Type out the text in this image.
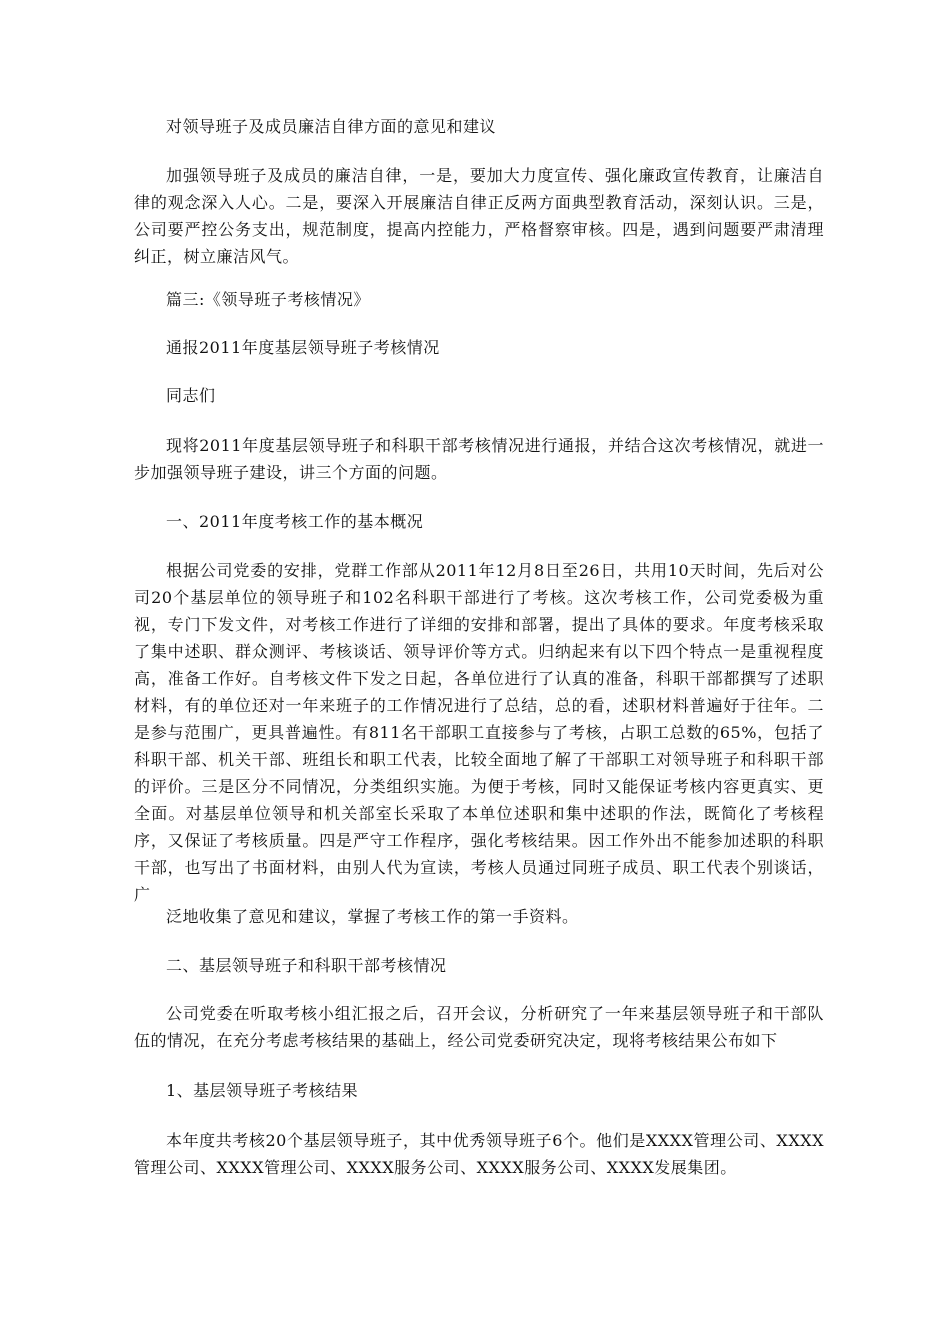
对领导班子及成员廉洁自律方面的意见和建议

加强领导班子及成员的廉洁自律，一是，要加大力度宣传、强化廉政宣传教育，让廉洁自律的观念深入人心。二是，要深入开展廉洁自律正反两方面典型教育活动，深刻认识。三是，公司要严控公务支出，规范制度，提高内控能力，严格督察审核。四是，遇到问题要严肃清理纠正，树立廉洁风气。

篇三:《领导班子考核情况》

通报2011年度基层领导班子考核情况

同志们

现将2011年度基层领导班子和科职干部考核情况进行通报，并结合这次考核情况，就进一步加强领导班子建设，讲三个方面的问题。

一、2011年度考核工作的基本概况

根据公司党委的安排，党群工作部从2011年12月8日至26日，共用10天时间，先后对公司20个基层单位的领导班子和102名科职干部进行了考核。这次考核工作，公司党委极为重视，专门下发文件，对考核工作进行了详细的安排和部署，提出了具体的要求。年度考核采取了集中述职、群众测评、考核谈话、领导评价等方式。归纳起来有以下四个特点一是重视程度高，准备工作好。自考核文件下发之日起，各单位进行了认真的准备，科职干部都撰写了述职材料，有的单位还对一年来班子的工作情况进行了总结，总的看，述职材料普遍好于往年。二是参与范围广，更具普遍性。有811名干部职工直接参与了考核，占职工总数的65%，包括了科职干部、机关干部、班组长和职工代表，比较全面地了解了干部职工对领导班子和科职干部的评价。三是区分不同情况，分类组织实施。为便于考核，同时又能保证考核内容更真实、更全面。对基层单位领导和机关部室长采取了本单位述职和集中述职的作法，既简化了考核程序，又保证了考核质量。四是严守工作程序，强化考核结果。因工作外出不能参加述职的科职干部，也写出了书面材料，由别人代为宣读，考核人员通过同班子成员、职工代表个别谈话，广

泛地收集了意见和建议，掌握了考核工作的第一手资料。

二、基层领导班子和科职干部考核情况

公司党委在听取考核小组汇报之后，召开会议，分析研究了一年来基层领导班子和干部队伍的情况，在充分考虑考核结果的基础上，经公司党委研究决定，现将考核结果公布如下

1、基层领导班子考核结果

本年度共考核20个基层领导班子，其中优秀领导班子6个。他们是XXXX管理公司、XXXX管理公司、XXXX管理公司、XXXX服务公司、XXXX服务公司、XXXX发展集团。
